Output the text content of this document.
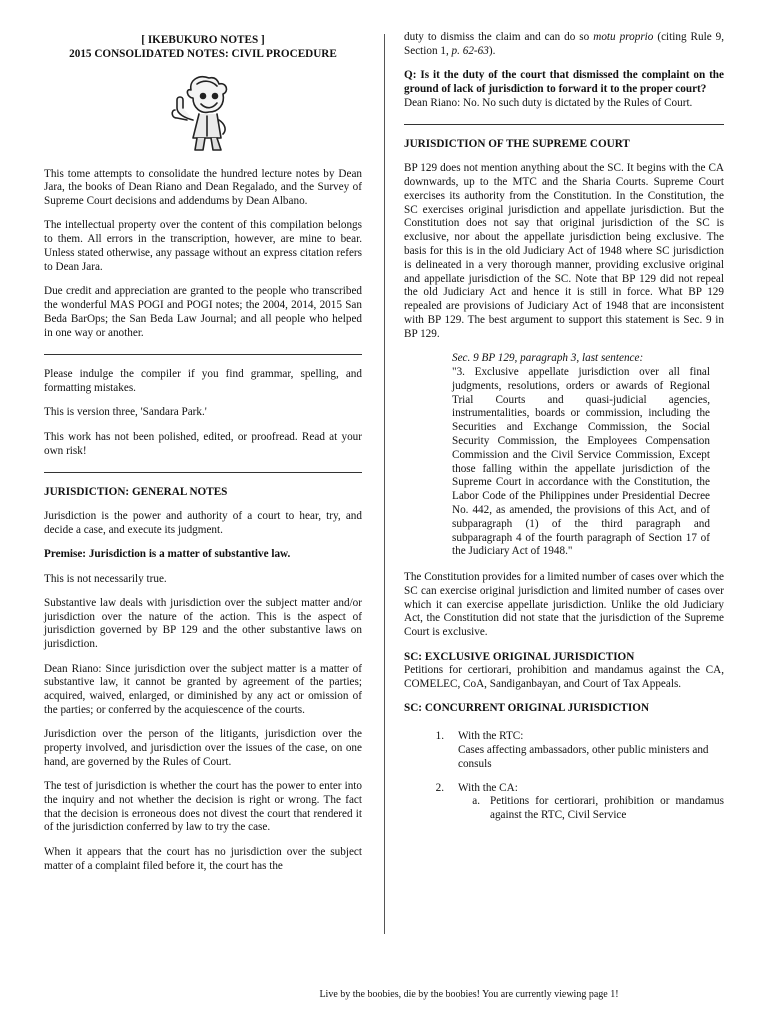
[ IKEBUKURO NOTES ]

2015 CONSOLIDATED NOTES: CIVIL PROCEDURE

This tome attempts to consolidate the hundred lecture notes by Dean Jara, the books of Dean Riano and Dean Regalado, and the Survey of Supreme Court decisions and addendums by Dean Albano.

The intellectual property over the content of this compilation belongs to them. All errors in the transcription, however, are mine to bear. Unless stated otherwise, any passage without an express citation refers to Dean Jara.

Due credit and appreciation are granted to the people who transcribed the wonderful MAS POGI and POGI notes; the 2004, 2014, 2015 San Beda BarOps; the San Beda Law Journal; and all people who helped in one way or another.

Please indulge the compiler if you find grammar, spelling, and formatting mistakes.

This is version three, 'Sandara Park.'

This work has not been polished, edited, or proofread. Read at your own risk!

JURISDICTION: GENERAL NOTES

Jurisdiction is the power and authority of a court to hear, try, and decide a case, and execute its judgment.

Premise: Jurisdiction is a matter of substantive law.

This is not necessarily true.

Substantive law deals with jurisdiction over the subject matter and/or jurisdiction over the nature of the action. This is the aspect of jurisdiction governed by BP 129 and the other substantive laws on jurisdiction.

Dean Riano: Since jurisdiction over the subject matter is a matter of substantive law, it cannot be granted by agreement of the parties; acquired, waived, enlarged, or diminished by any act or omission of the parties; or conferred by the acquiescence of the courts.

Jurisdiction over the person of the litigants, jurisdiction over the property involved, and jurisdiction over the issues of the case, on one hand, are governed by the Rules of Court.

The test of jurisdiction is whether the court has the power to enter into the inquiry and not whether the decision is right or wrong. The fact that the decision is erroneous does not divest the court that rendered it of the jurisdiction conferred by law to try the case.

When it appears that the court has no jurisdiction over the subject matter of a complaint filed before it, the court has the

duty to dismiss the claim and can do so motu proprio (citing Rule 9, Section 1, p. 62-63).

Q: Is it the duty of the court that dismissed the complaint on the ground of lack of jurisdiction to forward it to the proper court?

Dean Riano: No. No such duty is dictated by the Rules of Court.

JURISDICTION OF THE SUPREME COURT

BP 129 does not mention anything about the SC. It begins with the CA downwards, up to the MTC and the Sharia Courts. Supreme Court exercises its authority from the Constitution. In the Constitution, the SC exercises original jurisdiction and appellate jurisdiction. But the Constitution does not say that original jurisdiction of the SC is exclusive, nor about the appellate jurisdiction being exclusive. The basis for this is in the old Judiciary Act of 1948 where SC jurisdiction is delineated in a very thorough manner, providing exclusive original and appellate jurisdiction of the SC. Note that BP 129 did not repeal the old Judiciary Act and hence it is still in force. What BP 129 repealed are provisions of Judiciary Act of 1948 that are inconsistent with BP 129. The best argument to support this statement is Sec. 9 in BP 129.

Sec. 9 BP 129, paragraph 3, last sentence:

"3. Exclusive appellate jurisdiction over all final judgments, resolutions, orders or awards of Regional Trial Courts and quasi-judicial agencies, instrumentalities, boards or commission, including the Securities and Exchange Commission, the Social Security Commission, the Employees Compensation Commission and the Civil Service Commission, Except those falling within the appellate jurisdiction of the Supreme Court in accordance with the Constitution, the Labor Code of the Philippines under Presidential Decree No. 442, as amended, the provisions of this Act, and of subparagraph (1) of the third paragraph and subparagraph 4 of the fourth paragraph of Section 17 of the Judiciary Act of 1948."

The Constitution provides for a limited number of cases over which the SC can exercise original jurisdiction and limited number of cases over which it can exercise appellate jurisdiction. Unlike the old Judiciary Act, the Constitution did not state that the jurisdiction of the Supreme Court is exclusive.

SC: EXCLUSIVE ORIGINAL JURISDICTION

Petitions for certiorari, prohibition and mandamus against the CA, COMELEC, CoA, Sandiganbayan, and Court of Tax Appeals.

SC: CONCURRENT ORIGINAL JURISDICTION
1.	With the RTC:
Cases affecting ambassadors, other public ministers and consuls
2.	With the CA:
a. Petitions for certiorari, prohibition or mandamus against the RTC, Civil Service
Live by the boobies, die by the boobies! You are currently viewing page 1!
